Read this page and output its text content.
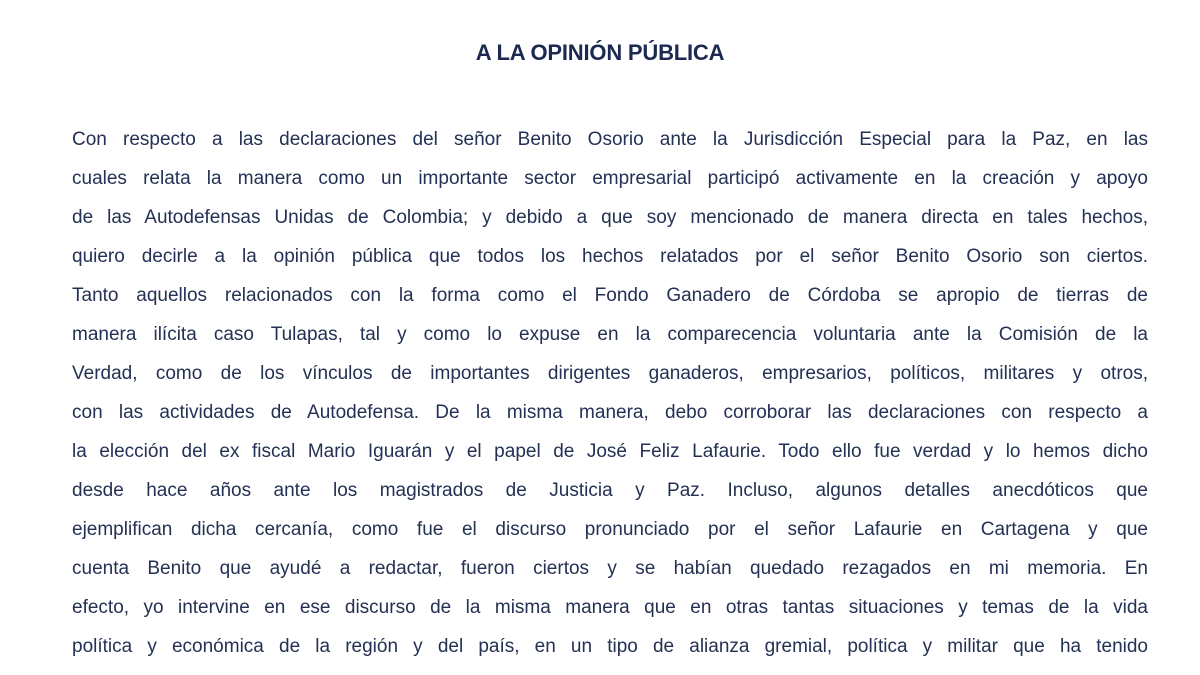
A LA OPINIÓN PÚBLICA
Con respecto a las declaraciones del señor Benito Osorio ante la Jurisdicción Especial para la Paz, en las
cuales relata la manera como un importante sector empresarial participó activamente en la creación y apoyo
de las Autodefensas Unidas de Colombia; y debido a que soy mencionado de manera directa en tales hechos,
quiero decirle a la opinión pública que todos los hechos relatados por el señor Benito Osorio son ciertos.
Tanto aquellos relacionados con la forma como el Fondo Ganadero de Córdoba se apropio de tierras de
manera ilícita caso Tulapas, tal y como lo expuse en la comparecencia voluntaria ante la Comisión de la
Verdad, como de los vínculos de importantes dirigentes ganaderos, empresarios, políticos, militares y otros,
con las actividades de Autodefensa. De la misma manera, debo corroborar las declaraciones con respecto a
la elección del ex fiscal Mario Iguarán y el papel de José Feliz Lafaurie. Todo ello fue verdad y lo hemos dicho
desde hace años ante los magistrados de Justicia y Paz. Incluso, algunos detalles anecdóticos que
ejemplifican dicha cercanía, como fue el discurso pronunciado por el señor Lafaurie en Cartagena y que
cuenta Benito que ayudé a redactar, fueron ciertos y se habían quedado rezagados en mi memoria. En
efecto, yo intervine en ese discurso de la misma manera que en otras tantas situaciones y temas de la vida
política y económica de la región y del país, en un tipo de alianza gremial, política y militar que ha tenido
